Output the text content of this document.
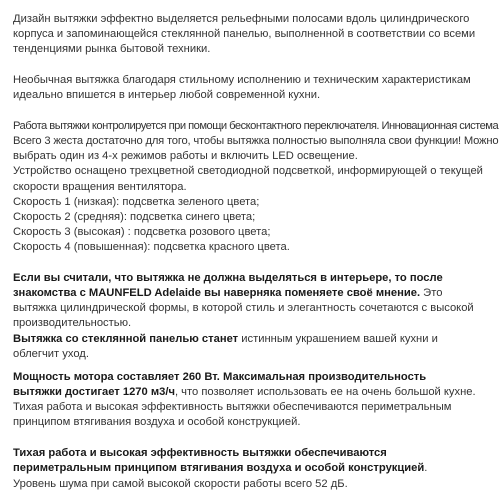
Дизайн вытяжки эффектно выделяется рельефными полосами вдоль цилиндрического
корпуса и запоминающейся стеклянной панелью, выполненной в соответствии со всеми
тенденциями рынка бытовой техники.
Необычная вытяжка благодаря стильному исполнению и техническим характеристикам
идеально впишется в интерьер любой современной кухни.
Работа вытяжки контролируется при помощи бесконтактного переключателя. Инновационная система
Всего 3 жеста достаточно для того, чтобы вытяжка полностью выполняла свои функции! Можно
выбрать один из 4-х режимов работы и включить LED освещение.
Устройство оснащено трехцветной светодиодной подсветкой, информирующей о текущей
скорости вращения вентилятора.
Скорость 1 (низкая): подсветка зеленого цвета;
Скорость 2 (средняя): подсветка синего цвета;
Скорость 3 (высокая) : подсветка розового цвета;
Скорость 4 (повышенная): подсветка красного цвета.
Если вы считали, что вытяжка не должна выделяться в интерьере, то после
знакомства с MAUNFELD Adelaide вы наверняка поменяете своё мнение. Это
вытяжка цилиндрической формы, в которой стиль и элегантность сочетаются с высокой
производительностью.
Вытяжка со стеклянной панелью станет истинным украшением вашей кухни и
облегчит уход.
Мощность мотора составляет 260 Вт. Максимальная производительность
вытяжки достигает 1270 м3/ч, что позволяет использовать ее на очень большой кухне.
Тихая работа и высокая эффективность вытяжки обеспечиваются периметральным
принципом втягивания воздуха и особой конструкцией.
Тихая работа и высокая эффективность вытяжки обеспечиваются
периметральным принципом втягивания воздуха и особой конструкцией.
Уровень шума при самой высокой скорости работы всего 52 дБ.
